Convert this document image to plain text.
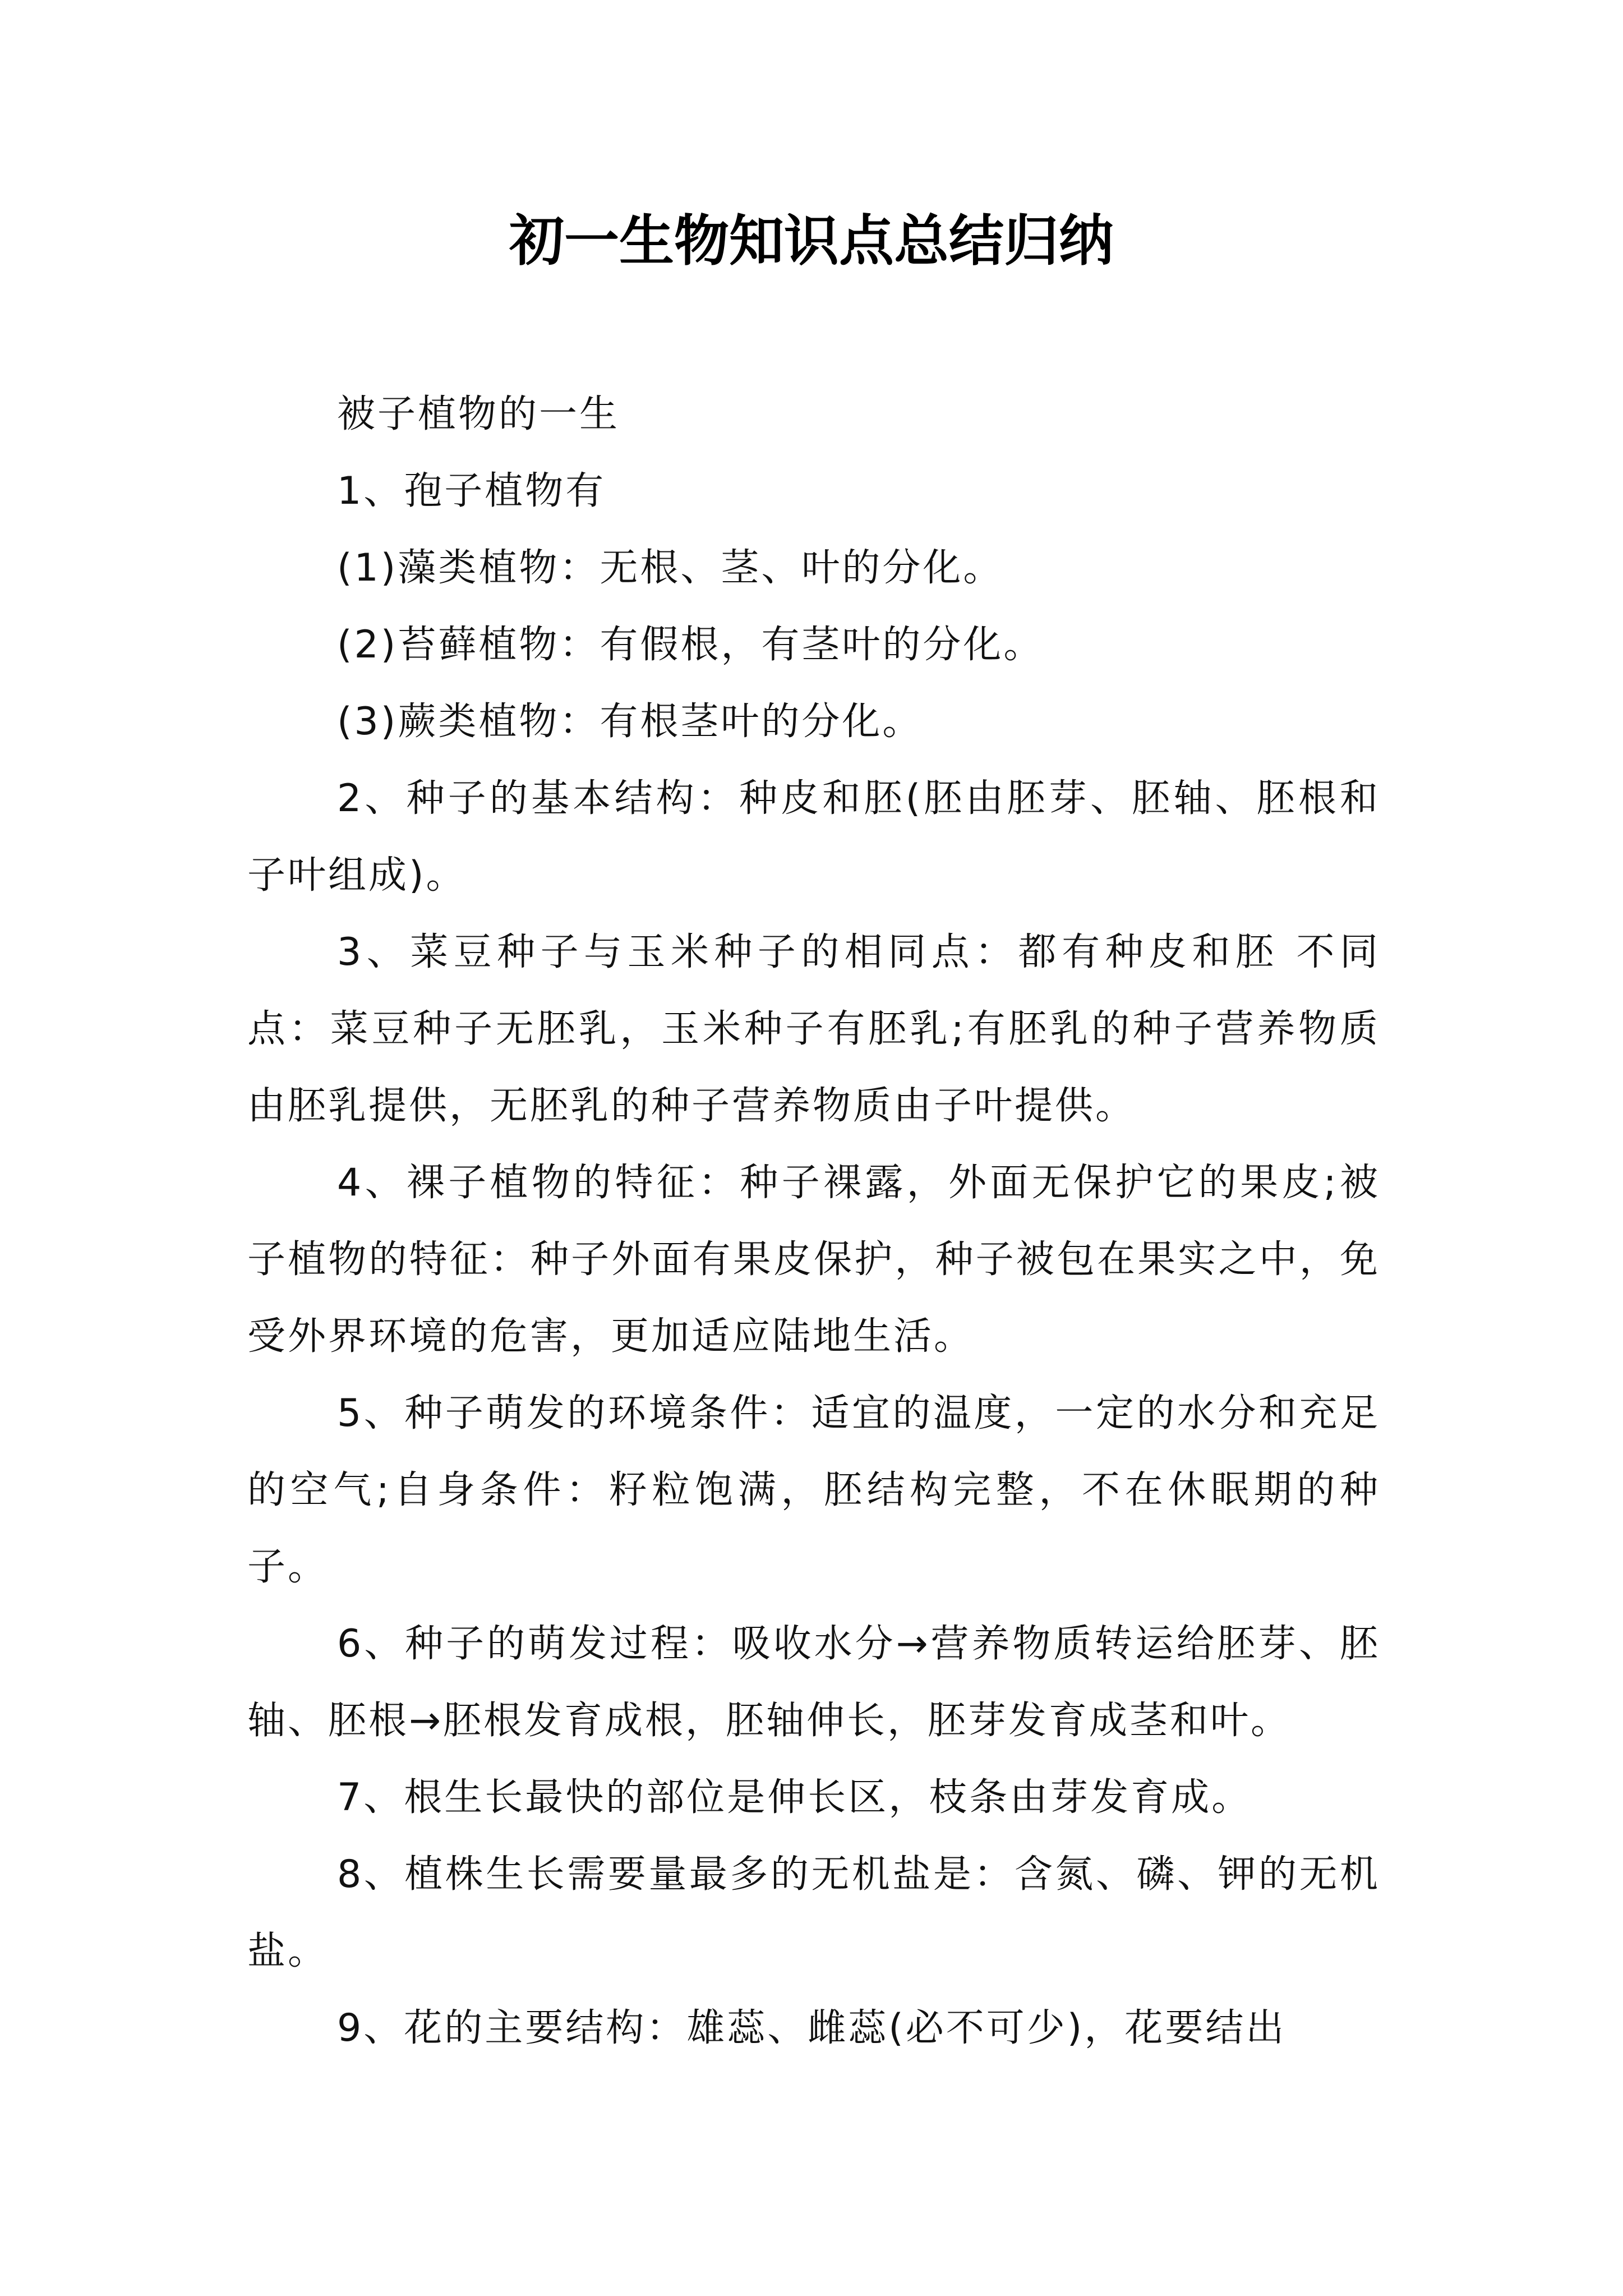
初一生物知识点总结归纳

被子植物的一生

1、孢子植物有

(1)藻类植物：无根、茎、叶的分化。

(2)苔藓植物：有假根，有茎叶的分化。

(3)蕨类植物：有根茎叶的分化。

2、种子的基本结构：种皮和胚(胚由胚芽、胚轴、胚根和子叶组成)。

3、菜豆种子与玉米种子的相同点：都有种皮和胚 不同点：菜豆种子无胚乳，玉米种子有胚乳;有胚乳的种子营养物质由胚乳提供，无胚乳的种子营养物质由子叶提供。

4、裸子植物的特征：种子裸露，外面无保护它的果皮;被子植物的特征：种子外面有果皮保护，种子被包在果实之中，免受外界环境的危害，更加适应陆地生活。

5、种子萌发的环境条件：适宜的温度，一定的水分和充足的空气;自身条件：籽粒饱满，胚结构完整，不在休眠期的种子。

6、种子的萌发过程：吸收水分→营养物质转运给胚芽、胚轴、胚根→胚根发育成根，胚轴伸长，胚芽发育成茎和叶。

7、根生长最快的部位是伸长区，枝条由芽发育成。

8、植株生长需要量最多的无机盐是：含氮、磷、钾的无机盐。

9、花的主要结构：雄蕊、雌蕊(必不可少)，花要结出
